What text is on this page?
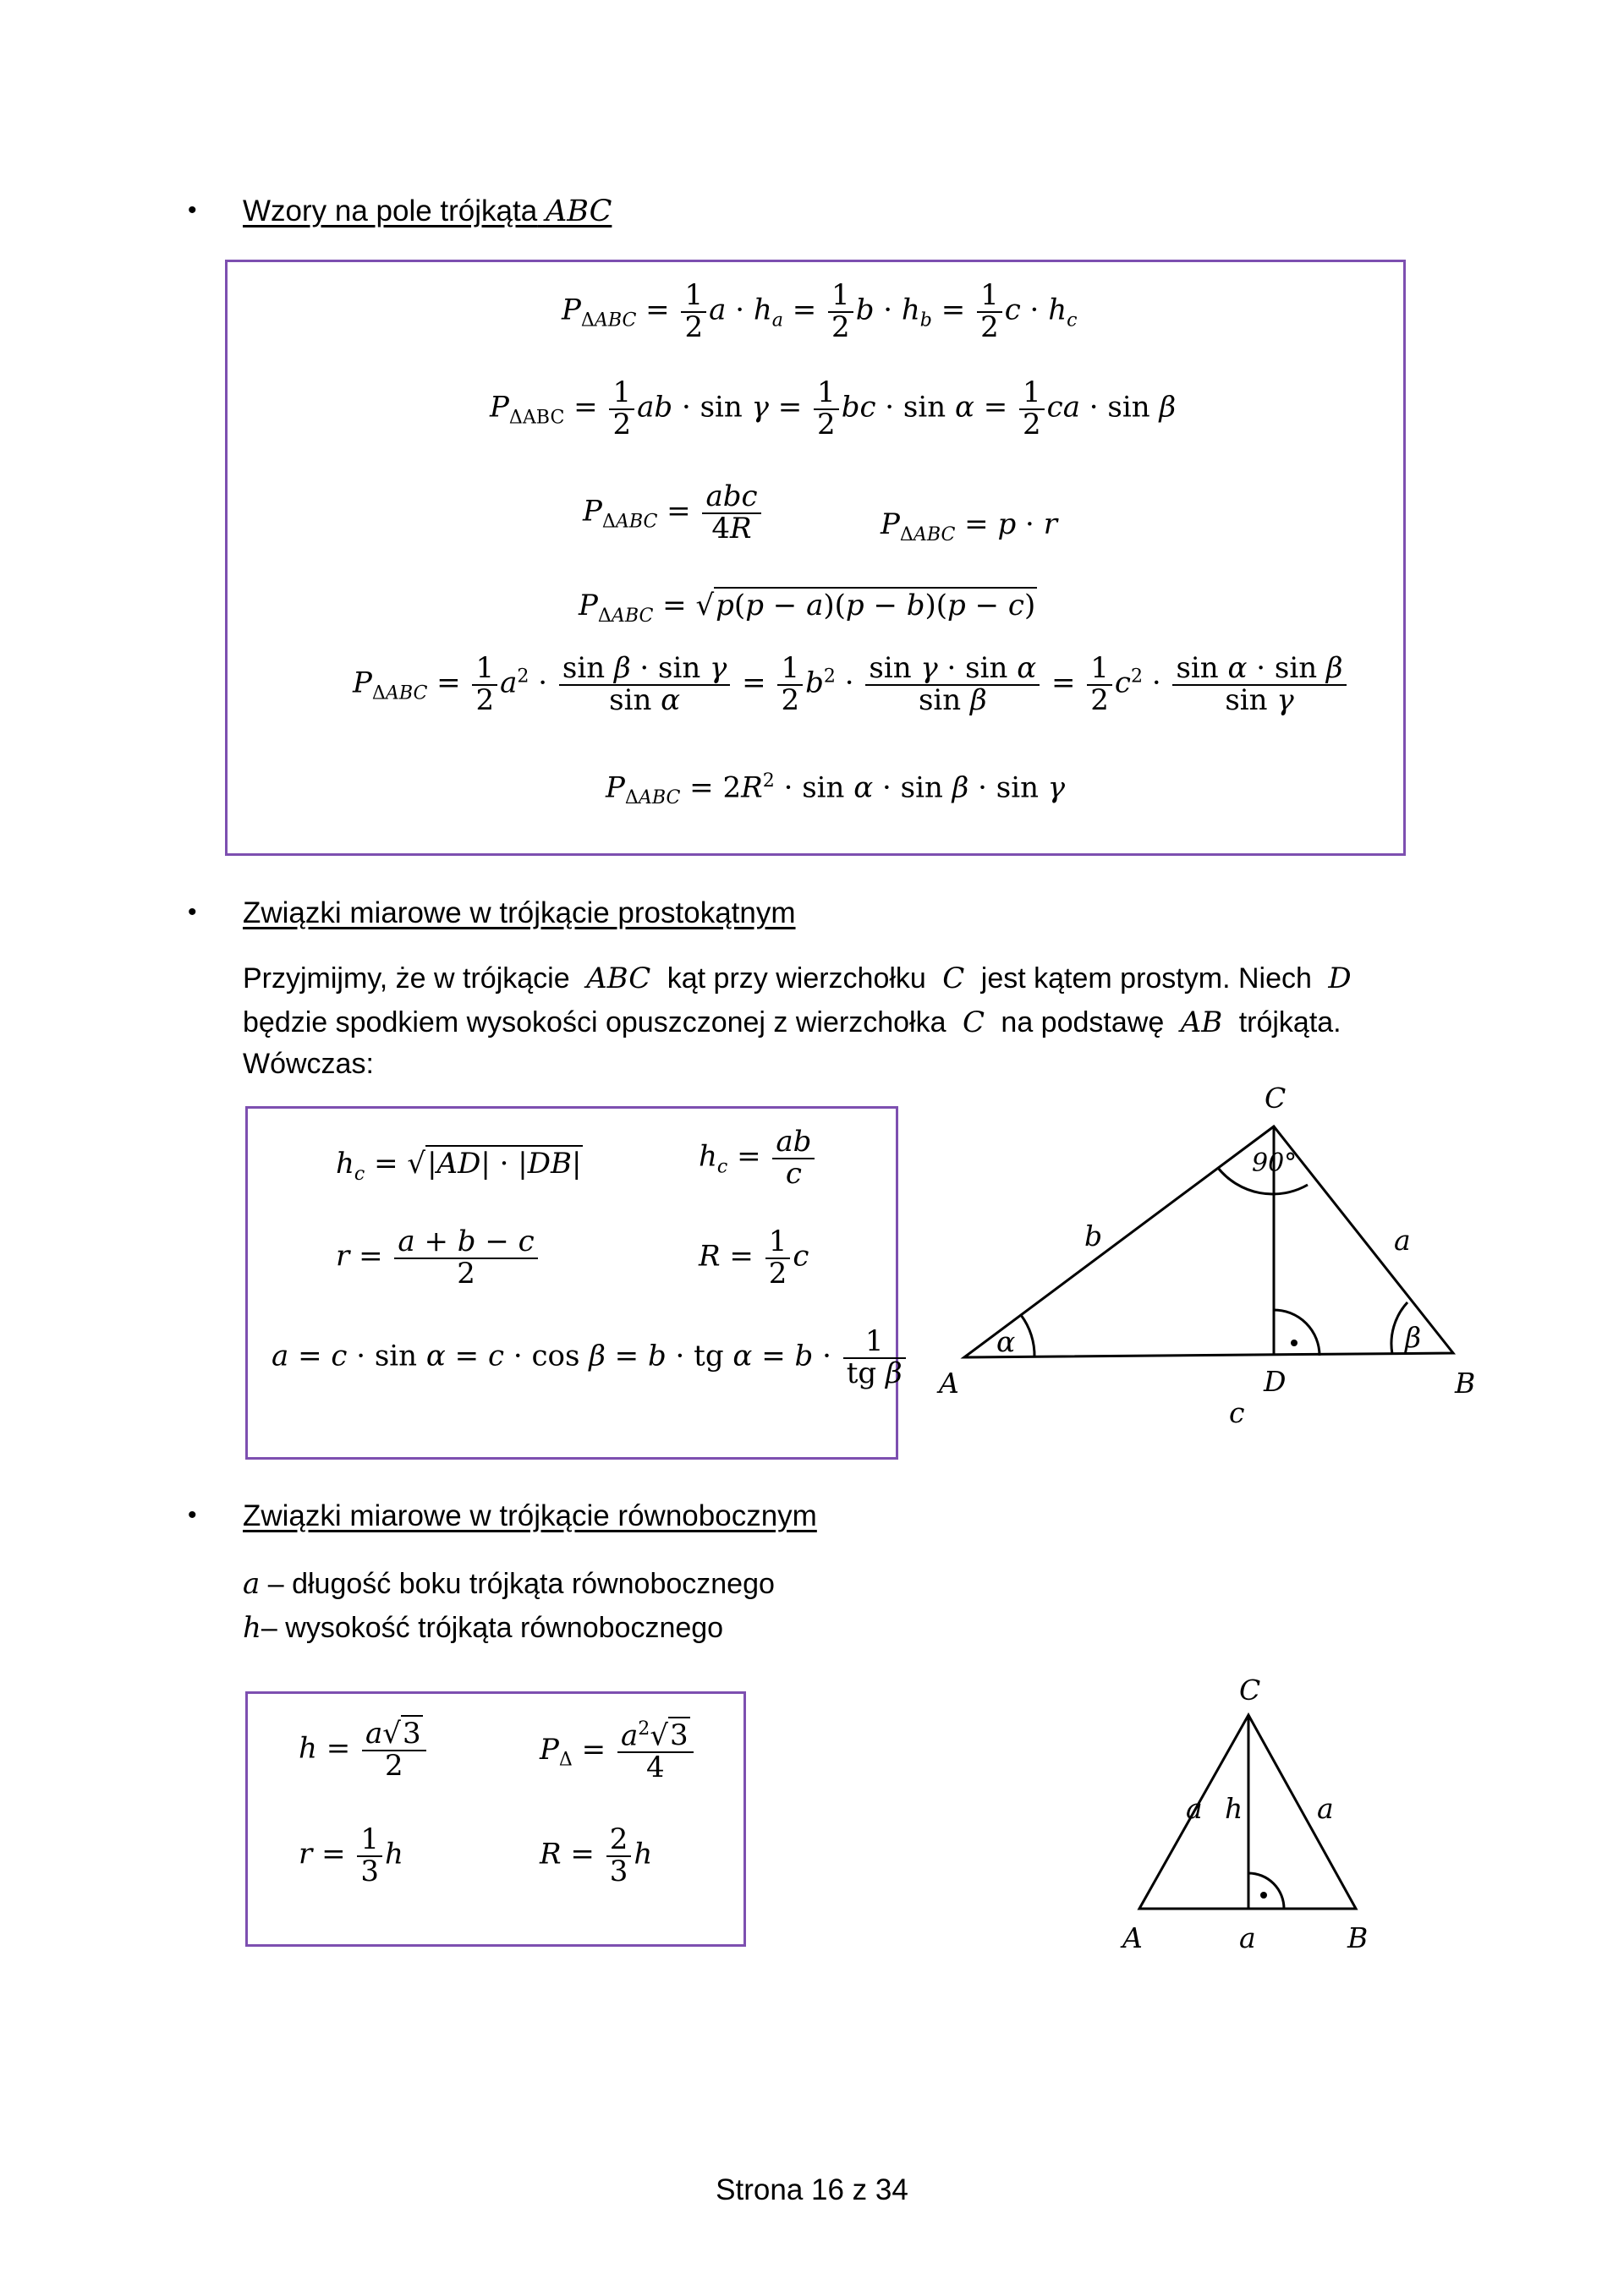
• Wzory na pole trójkąta ABC
$P_{\Delta ABC} = \frac{1}{2}$ $a \cdot h_a = \frac{1}{2}$ $b \cdot h_b = \frac{1}{2}$ $c \cdot h_c$
$P_{\Delta ABC} = \frac{1}{2}$ ab · $\sin \gamma = \frac{1}{2}$ bc · $\sin \alpha = \frac{1}{2}$ ca · sin β
$P_{\Delta ABC} = \frac{\text{abc}}{4R}$	$P_{\Delta ABC} = p \cdot r$
$P_{\Delta ABC} = √p(p - a)(p - b)(p - c)$
$P_{\Delta ABC} = \frac{1}{2} a^2 \cdot \frac{\text{sin β · sin γ}}{\text{sin α}} = \frac{1}{2} b^2 \cdot \frac{\text{sin γ · sin α}}{\text{sin β}} = \frac{1}{2} c^2 \cdot \frac{\text{sin α · sin β}}{\text{sin γ}}$
$P_{\Delta ABC} = 2R^2 \cdot \sin \alpha \cdot \sin \beta \cdot \sin \gamma$
• Związki miarowe w trójkącie prostokątnym
Przyjmijmy, że w trójkącie ABC kąt przy wierzchołku C jest kątem prostym. Niech D
będzie spodkiem wysokości opuszczonej z wierzchołka C na podstawę AB trójkąta.
Wówczas:
$h_c = √|AD| \cdot |DB|$	$h_c = \frac{ab}{c}$
$r = \frac{a + b - c}{2}$	$R = \frac{1}{2}$ c
a = c · sin α = c · cos β = b · tg $\alpha = b \cdot \frac{1}{\text{tg β}}$
C
90°
b	a
α	β
A	D	B
c
• Związki miarowe w trójkącie równobocznym
a – długość boku trójkąta równobocznego
h– wysokość trójkąta równobocznego
$h = \frac{a√3}{2}$	$P_\Delta = \frac{a^2√3}{4}$
$r = \frac{1}{3}$ h	$R = \frac{2}{3}$ h
C
a h	a
A	a	B
Strona 16 z 34
